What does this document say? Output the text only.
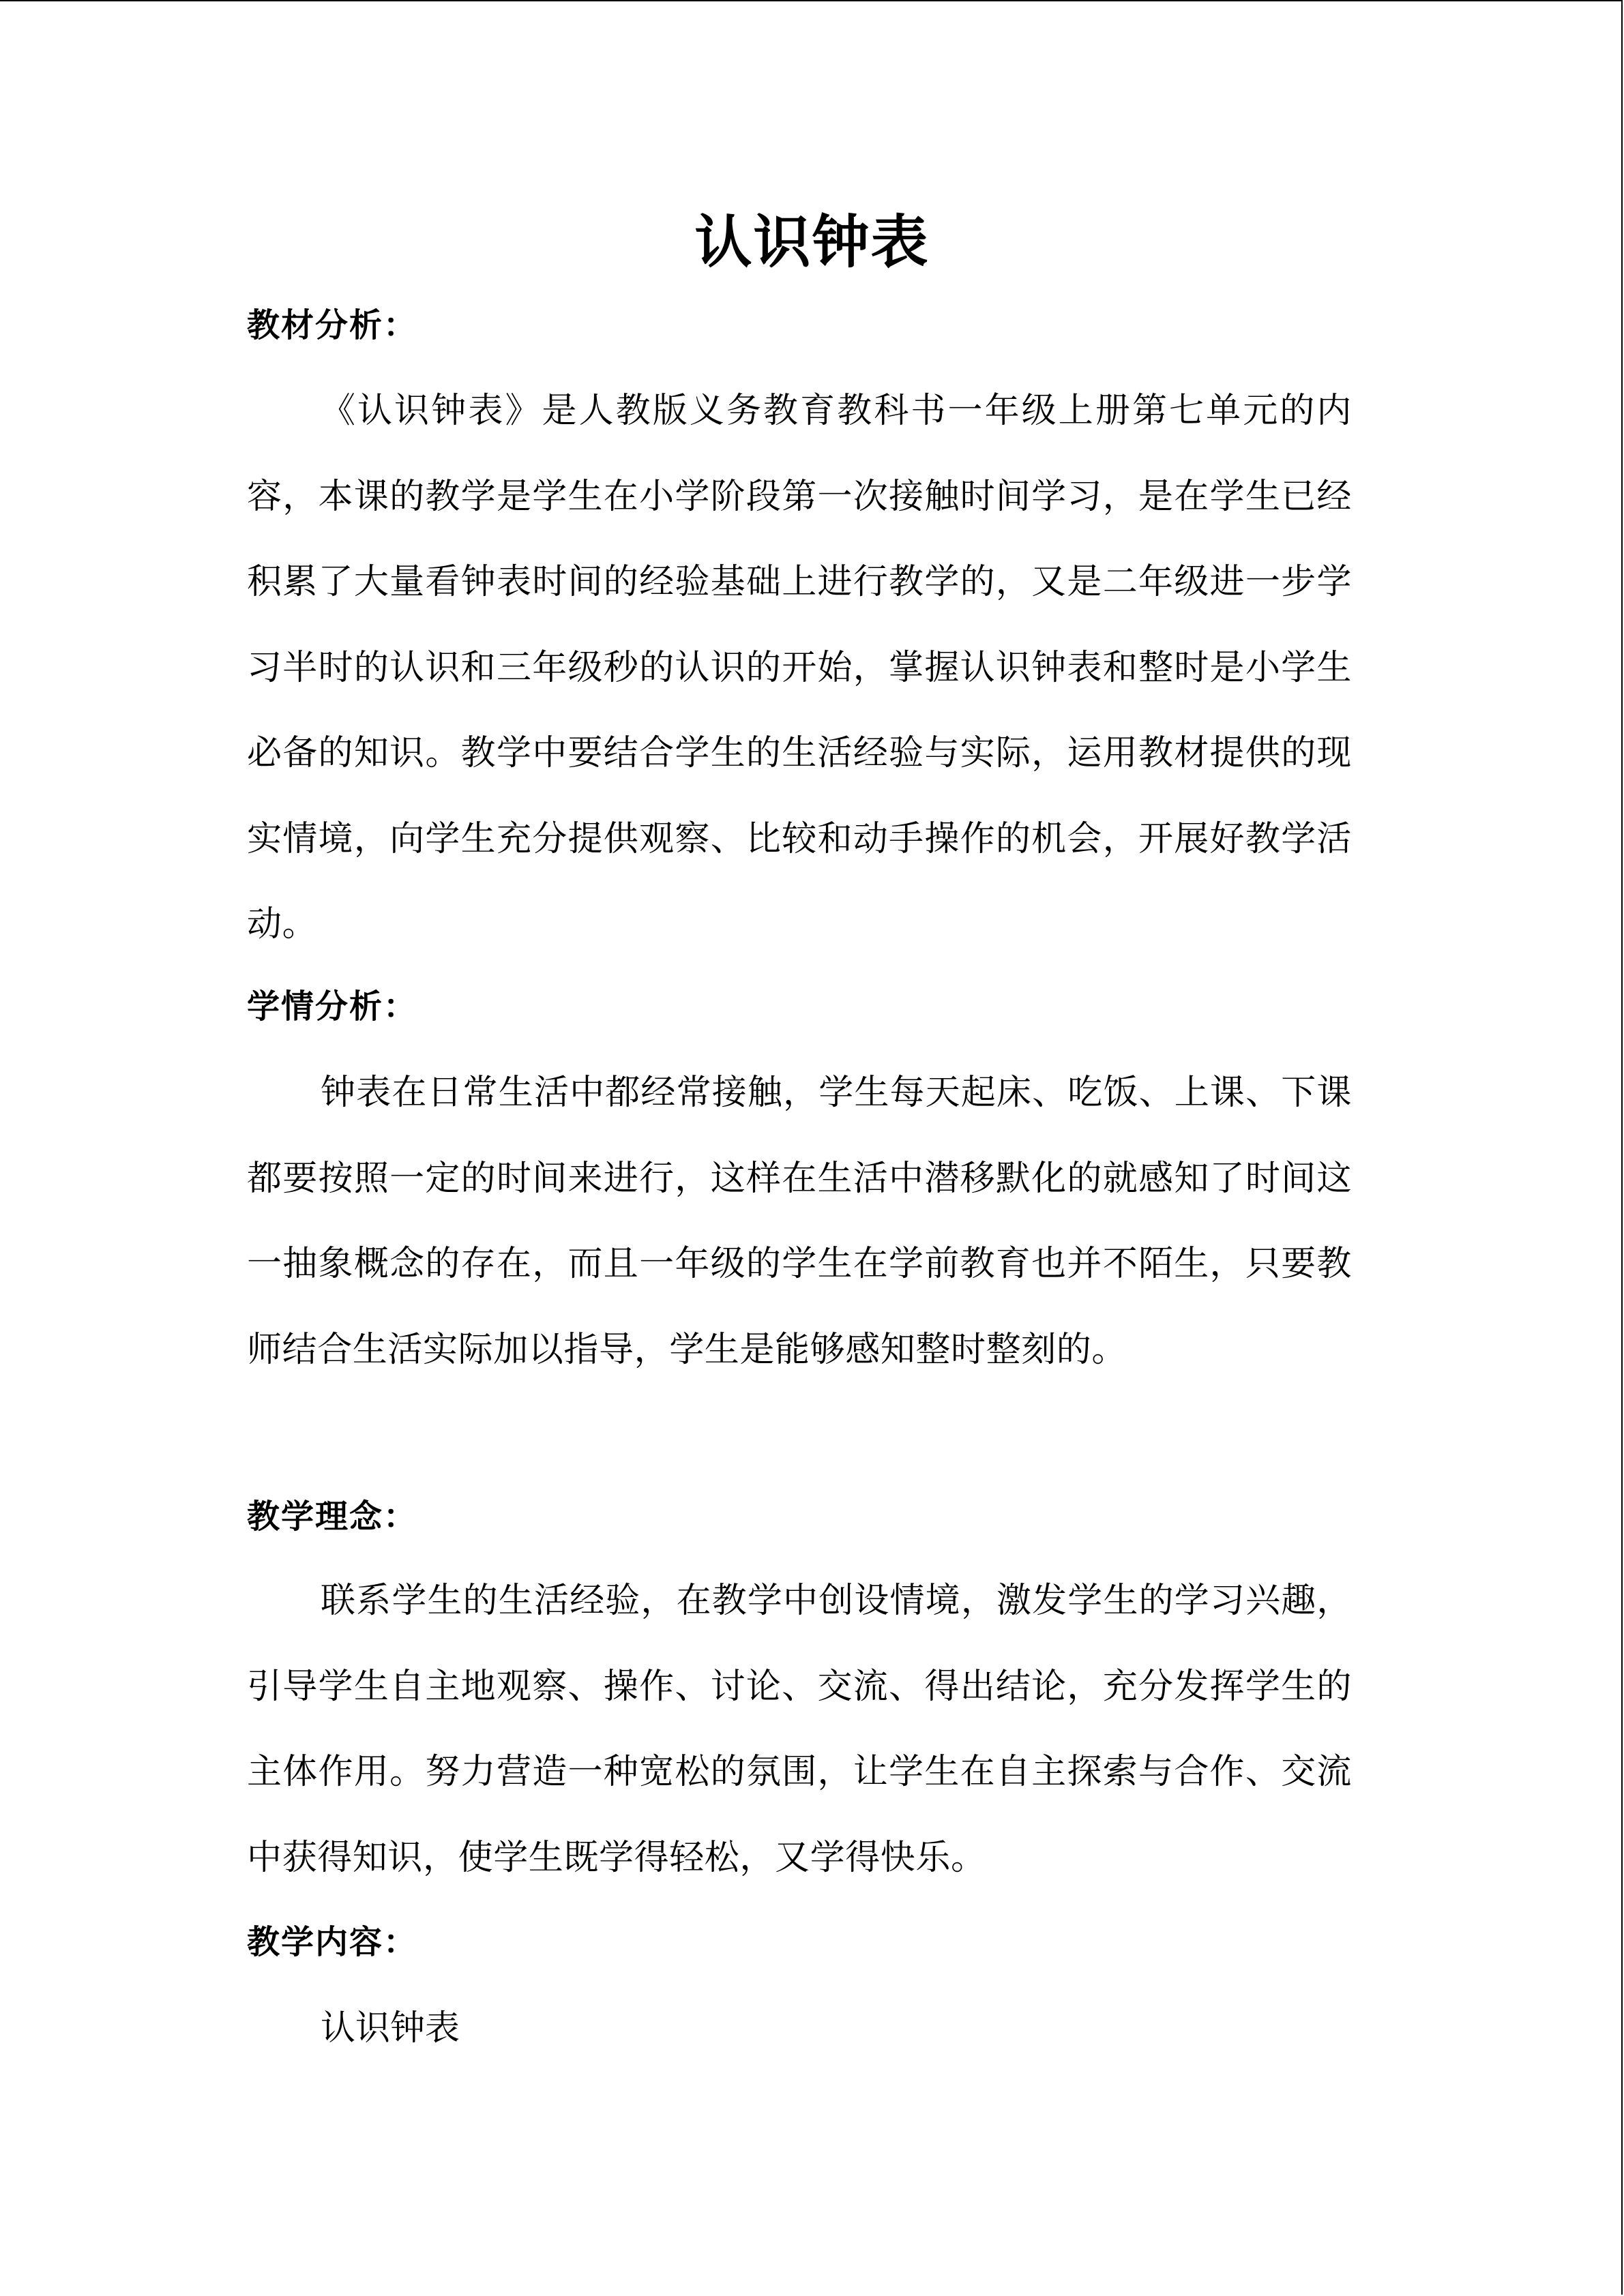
认识钟表
教材分析：
《认识钟表》是人教版义务教育教科书一年级上册第七单元的内容，本课的教学是学生在小学阶段第一次接触时间学习，是在学生已经积累了大量看钟表时间的经验基础上进行教学的，又是二年级进一步学习半时的认识和三年级秒的认识的开始，掌握认识钟表和整时是小学生必备的知识。教学中要结合学生的生活经验与实际，运用教材提供的现实情境，向学生充分提供观察、比较和动手操作的机会，开展好教学活动。
学情分析：
钟表在日常生活中都经常接触，学生每天起床、吃饭、上课、下课都要按照一定的时间来进行，这样在生活中潜移默化的就感知了时间这一抽象概念的存在，而且一年级的学生在学前教育也并不陌生，只要教师结合生活实际加以指导，学生是能够感知整时整刻的。
教学理念：
联系学生的生活经验，在教学中创设情境，激发学生的学习兴趣，引导学生自主地观察、操作、讨论、交流、得出结论，充分发挥学生的主体作用。努力营造一种宽松的氛围，让学生在自主探索与合作、交流中获得知识，使学生既学得轻松，又学得快乐。
教学内容：
认识钟表
